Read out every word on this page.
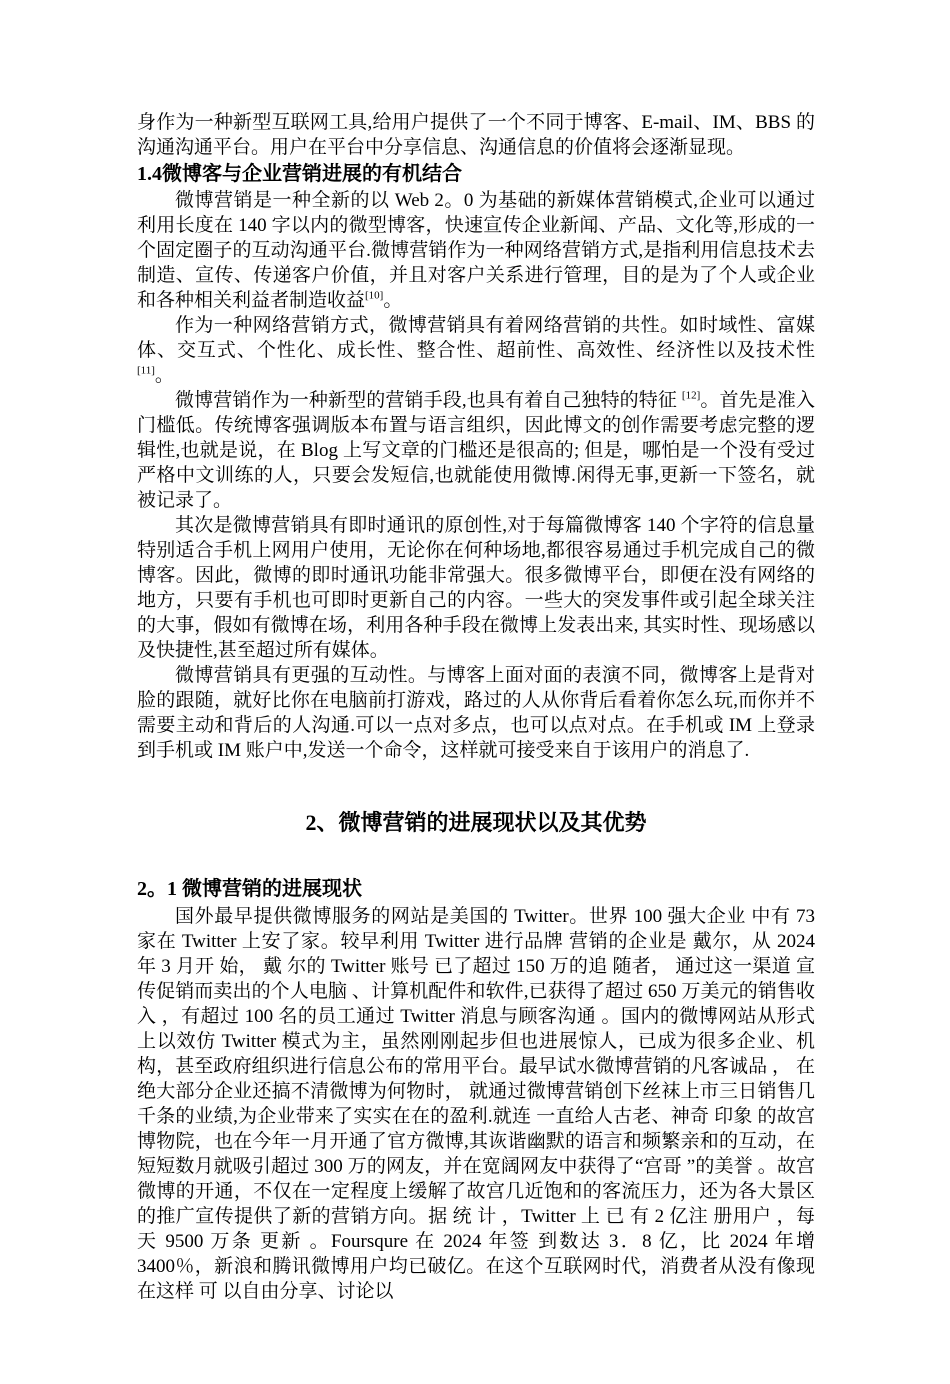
身作为一种新型互联网工具,给用户提供了一个不同于博客、E-mail、IM、BBS 的沟通沟通平台。用户在平台中分享信息、沟通信息的价值将会逐渐显现。

1.4微博客与企业营销进展的有机结合

微博营销是一种全新的以 Web 2。0 为基础的新媒体营销模式,企业可以通过利用长度在 140 字以内的微型博客，快速宣传企业新闻、产品、文化等,形成的一个固定圈子的互动沟通平台.微博营销作为一种网络营销方式,是指利用信息技术去制造、宣传、传递客户价值，并且对客户关系进行管理，目的是为了个人或企业和各种相关利益者制造收益[10]。

作为一种网络营销方式，微博营销具有着网络营销的共性。如时域性、富媒体、交互式、个性化、成长性、整合性、超前性、高效性、经济性以及技术性[11]。

微博营销作为一种新型的营销手段,也具有着自己独特的特征 [12]。首先是准入门槛低。传统博客强调版本布置与语言组织，因此博文的创作需要考虑完整的逻辑性,也就是说，在 Blog 上写文章的门槛还是很高的; 但是，哪怕是一个没有受过严格中文训练的人，只要会发短信,也就能使用微博.闲得无事,更新一下签名，就被记录了。

其次是微博营销具有即时通讯的原创性,对于每篇微博客 140 个字符的信息量特别适合手机上网用户使用，无论你在何种场地,都很容易通过手机完成自己的微博客。因此，微博的即时通讯功能非常强大。很多微博平台，即便在没有网络的地方，只要有手机也可即时更新自己的内容。一些大的突发事件或引起全球关注的大事，假如有微博在场，利用各种手段在微博上发表出来, 其实时性、现场感以及快捷性,甚至超过所有媒体。

微博营销具有更强的互动性。与博客上面对面的表演不同，微博客上是背对脸的跟随，就好比你在电脑前打游戏，路过的人从你背后看着你怎么玩,而你并不需要主动和背后的人沟通.可以一点对多点，也可以点对点。在手机或 IM 上登录到手机或 IM 账户中,发送一个命令，这样就可接受来自于该用户的消息了.

2、微博营销的进展现状以及其优势
2。1 微博营销的进展现状

国外最早提供微博服务的网站是美国的 Twitter。世界 100 强大企业 中有 73 家在 Twitter 上安了家。较早利用 Twitter 进行品牌 营销的企业是 戴尔，从 2024 年 3 月开 始， 戴 尔的 Twitter 账号 已了超过 150 万的追 随者， 通过这一渠道 宣传促销而卖出的个人电脑 、计算机配件和软件,已获得了超过 650 万美元的销售收入 ，有超过 100 名的员工通过 Twitter 消息与顾客沟通 。国内的微博网站从形式上以效仿 Twitter 模式为主，虽然刚刚起步但也进展惊人，已成为很多企业、机构，甚至政府组织进行信息公布的常用平台。最早试水微博营销的凡客诚品 ， 在 绝大部分企业还搞不清微博为何物时， 就通过微博营销创下丝袜上市三日销售几千条的业绩,为企业带来了实实在在的盈利.就连 一直给人古老、神奇 印象 的故宫博物院，也在今年一月开通了官方微博,其诙谐幽默的语言和频繁亲和的互动，在短短数月就吸引超过 300 万的网友，并在宽阔网友中获得了“宫哥 ”的美誉 。故宫微博的开通，不仅在一定程度上缓解了故宫几近饱和的客流压力，还为各大景区的推广宣传提供了新的营销方向。据 统 计 ，Twitter 上 已 有 2 亿注 册用户 ，每天 9500 万条 更新 。Foursqure 在 2024 年签 到数达 3．8 亿，比 2024 年增 3400％，新浪和腾讯微博用户均已破亿。在这个互联网时代，消费者从没有像现在这样 可 以自由分享、讨论以
